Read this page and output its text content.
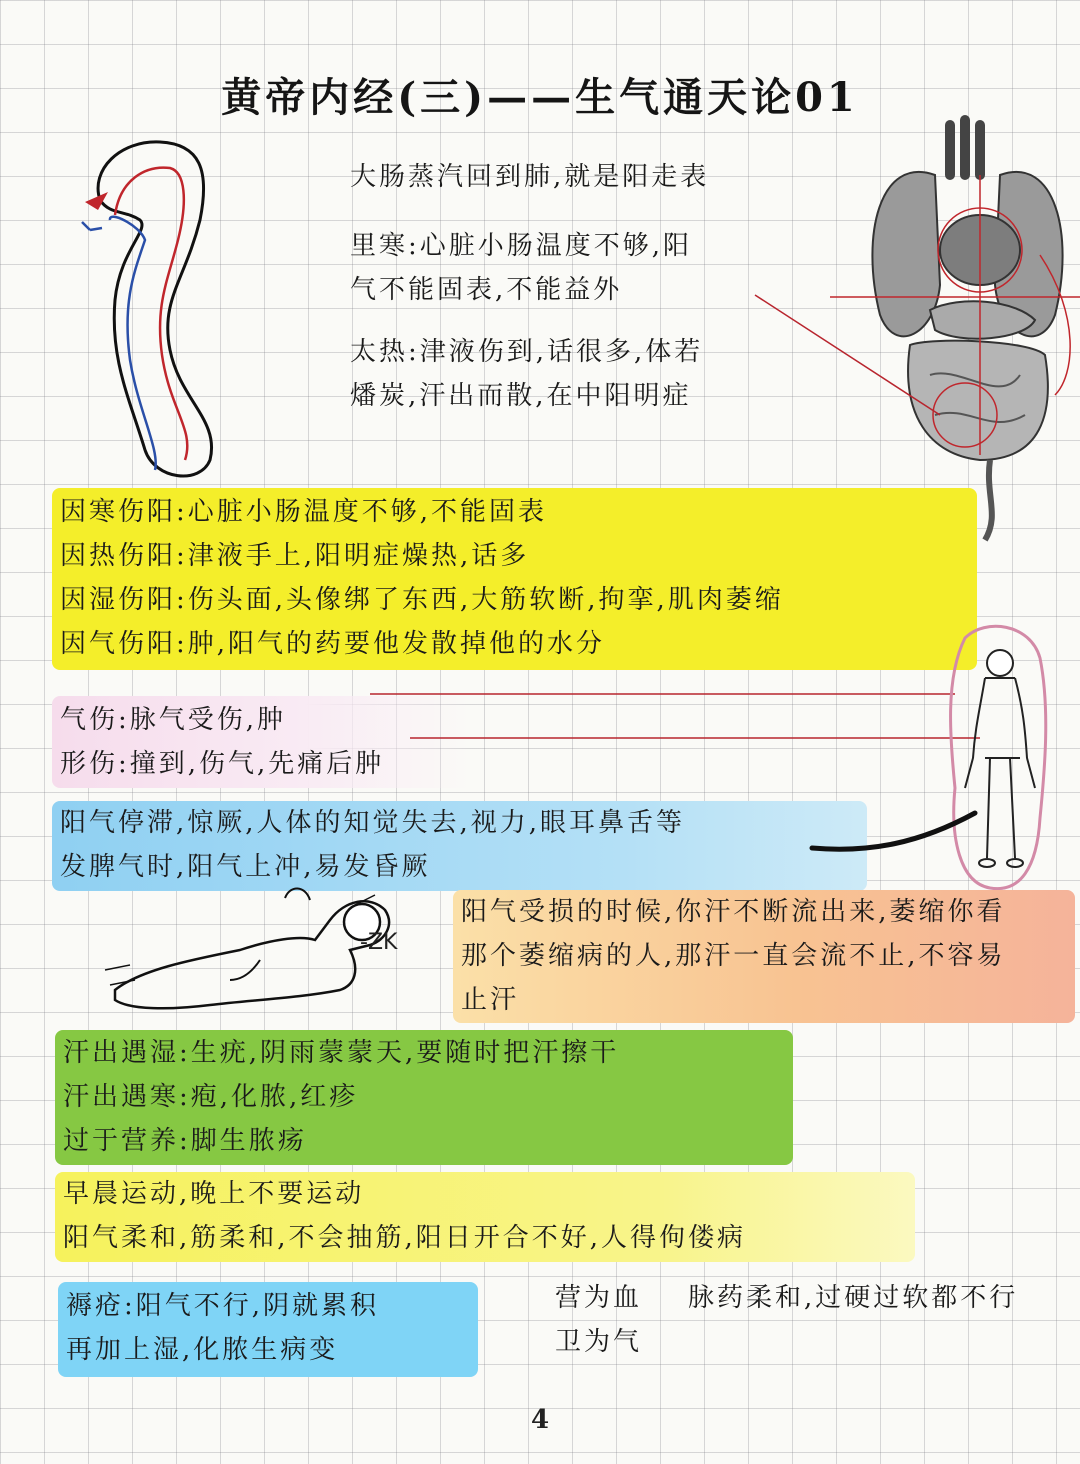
黄帝内经(三)——生气通天论01

大肠蒸汽回到肺,就是阳走表

里寒:心脏小肠温度不够,阳
气不能固表,不能益外

太热:津液伤到,话很多,体若
燔炭,汗出而散,在中阳明症

因寒伤阳:心脏小肠温度不够,不能固表
因热伤阳:津液手上,阳明症燥热,话多
因湿伤阳:伤头面,头像绑了东西,大筋软断,拘挛,肌肉萎缩
因气伤阳:肿,阳气的药要他发散掉他的水分
气伤:脉气受伤,肿
形伤:撞到,伤气,先痛后肿
阳气停滞,惊厥,人体的知觉失去,视力,眼耳鼻舌等
发脾气时,阳气上冲,易发昏厥
-ZK
阳气受损的时候,你汗不断流出来,萎缩你看
那个萎缩病的人,那汗一直会流不止,不容易
止汗
汗出遇湿:生疣,阴雨蒙蒙天,要随时把汗擦干
汗出遇寒:疱,化脓,红疹
过于营养:脚生脓疡
早晨运动,晚上不要运动
阳气柔和,筋柔和,不会抽筋,阳日开合不好,人得佝偻病
褥疮:阳气不行,阴就累积
再加上湿,化脓生病变
营为血
卫为气
脉药柔和,过硬过软都不行
4
